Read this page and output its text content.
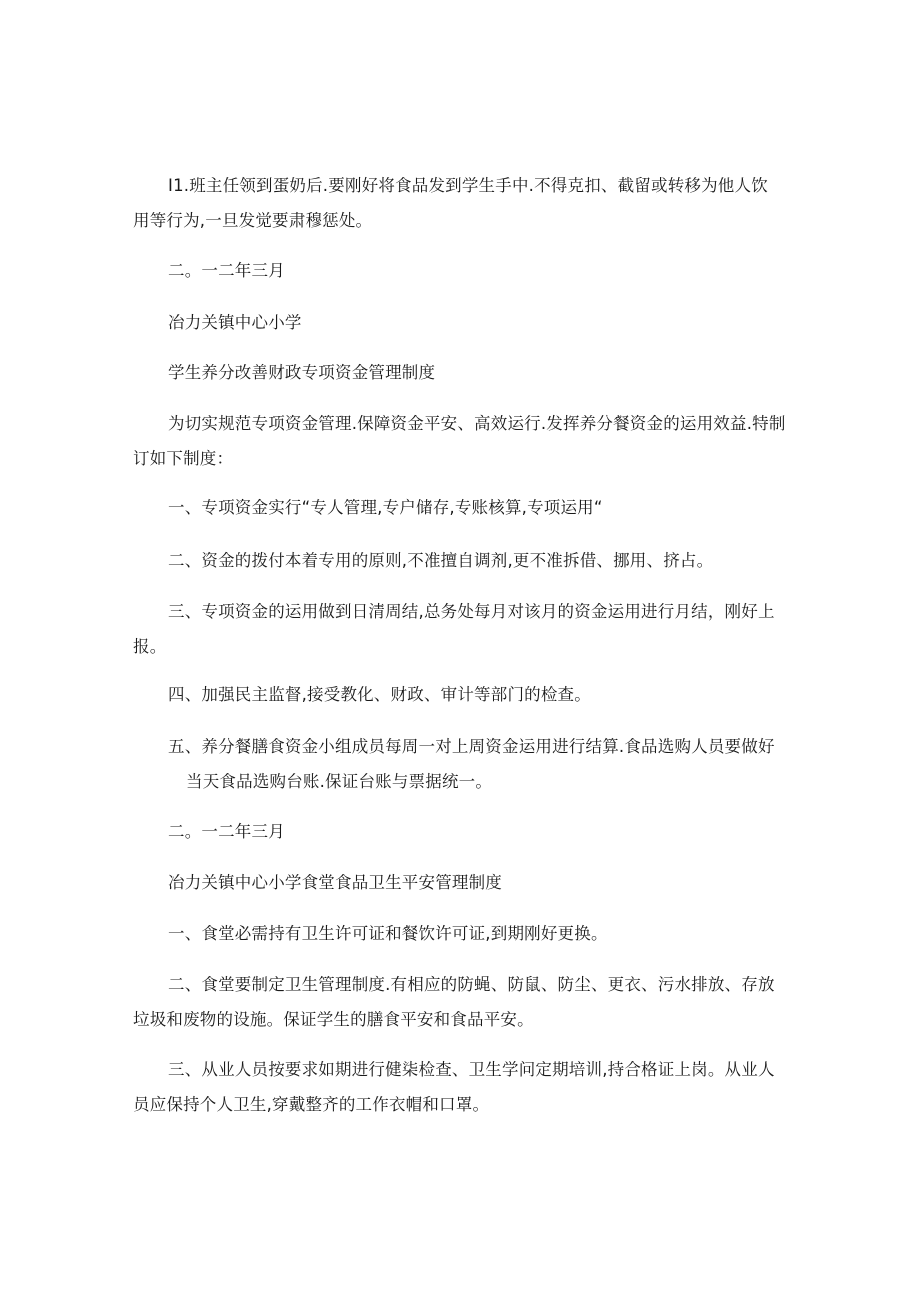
I1.班主任领到蛋奶后.要刚好将食品发到学生手中.不得克扣、截留或转移为他人饮
用等行为,一旦发觉要肃穆惩处。

二。一二年三月

冶力关镇中心小学

学生养分改善财政专项资金管理制度

为切实规范专项资金管理.保障资金平安、高效运行.发挥养分餐资金的运用效益.特制
订如下制度：

一、专项资金实行“专人管理,专户储存,专账核算,专项运用“

二、资金的拨付本着专用的原则,不准擅自调剂,更不准拆借、挪用、挤占。

三、专项资金的运用做到日清周结,总务处每月对该月的资金运用进行月结，刚好上
报。

四、加强民主监督,接受教化、财政、审计等部门的检查。

五、养分餐膳食资金小组成员每周一对上周资金运用进行结算.食品选购人员要做好
当天食品选购台账.保证台账与票据统一。

二。一二年三月

冶力关镇中心小学食堂食品卫生平安管理制度

一、食堂必需持有卫生许可证和餐饮许可证,到期刚好更换。

二、食堂要制定卫生管理制度.有相应的防蝇、防鼠、防尘、更衣、污水排放、存放
垃圾和废物的设施。保证学生的膳食平安和食品平安。

三、从业人员按要求如期进行健柒检查、卫生学问定期培训,持合格证上岗。从业人
员应保持个人卫生,穿戴整齐的工作衣帽和口罩。
